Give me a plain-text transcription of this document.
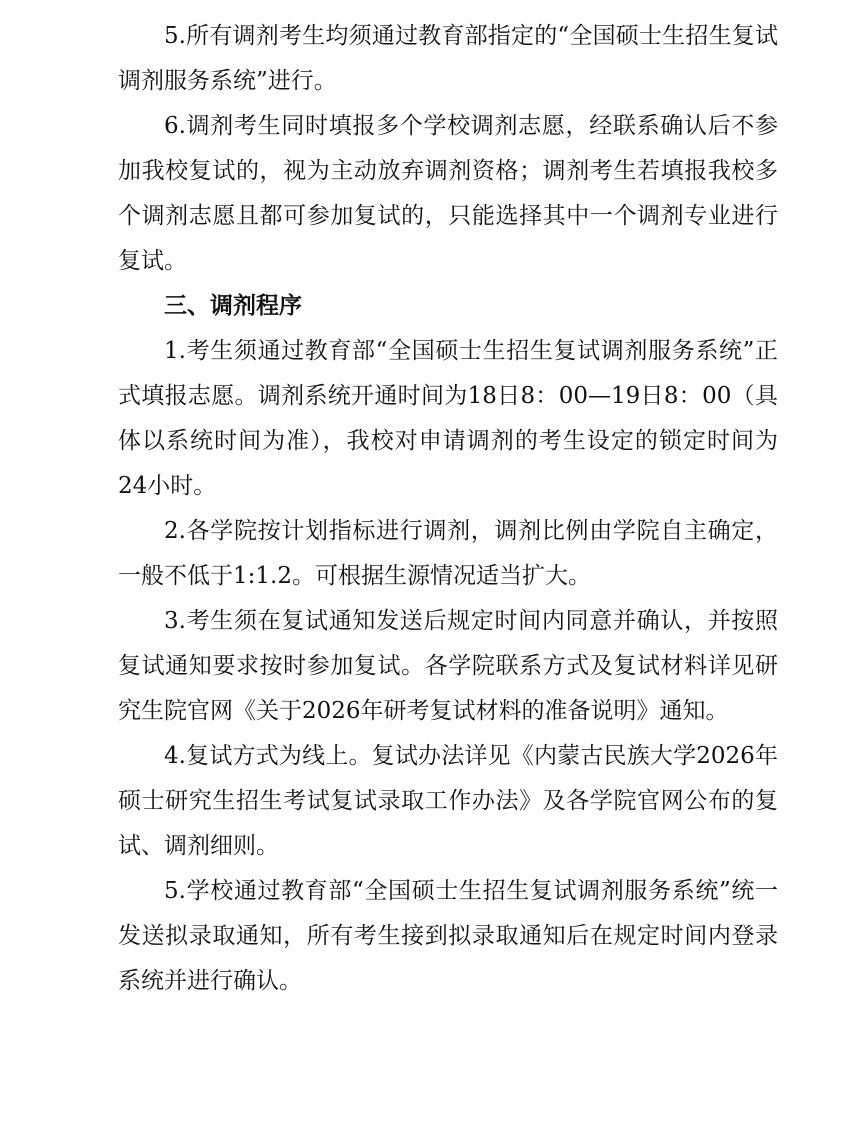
5.所有调剂考生均须通过教育部指定的“全国硕士生招生复试调剂服务系统”进行。

6.调剂考生同时填报多个学校调剂志愿，经联系确认后不参加我校复试的，视为主动放弃调剂资格；调剂考生若填报我校多个调剂志愿且都可参加复试的，只能选择其中一个调剂专业进行复试。

三、调剂程序

1.考生须通过教育部“全国硕士生招生复试调剂服务系统”正式填报志愿。调剂系统开通时间为18日8：00—19日8：00（具体以系统时间为准），我校对申请调剂的考生设定的锁定时间为24小时。

2.各学院按计划指标进行调剂，调剂比例由学院自主确定，一般不低于1:1.2。可根据生源情况适当扩大。

3.考生须在复试通知发送后规定时间内同意并确认，并按照复试通知要求按时参加复试。各学院联系方式及复试材料详见研究生院官网《关于2026年研考复试材料的准备说明》通知。

4.复试方式为线上。复试办法详见《内蒙古民族大学2026年硕士研究生招生考试复试录取工作办法》及各学院官网公布的复试、调剂细则。

5.学校通过教育部“全国硕士生招生复试调剂服务系统”统一发送拟录取通知，所有考生接到拟录取通知后在规定时间内登录系统并进行确认。
